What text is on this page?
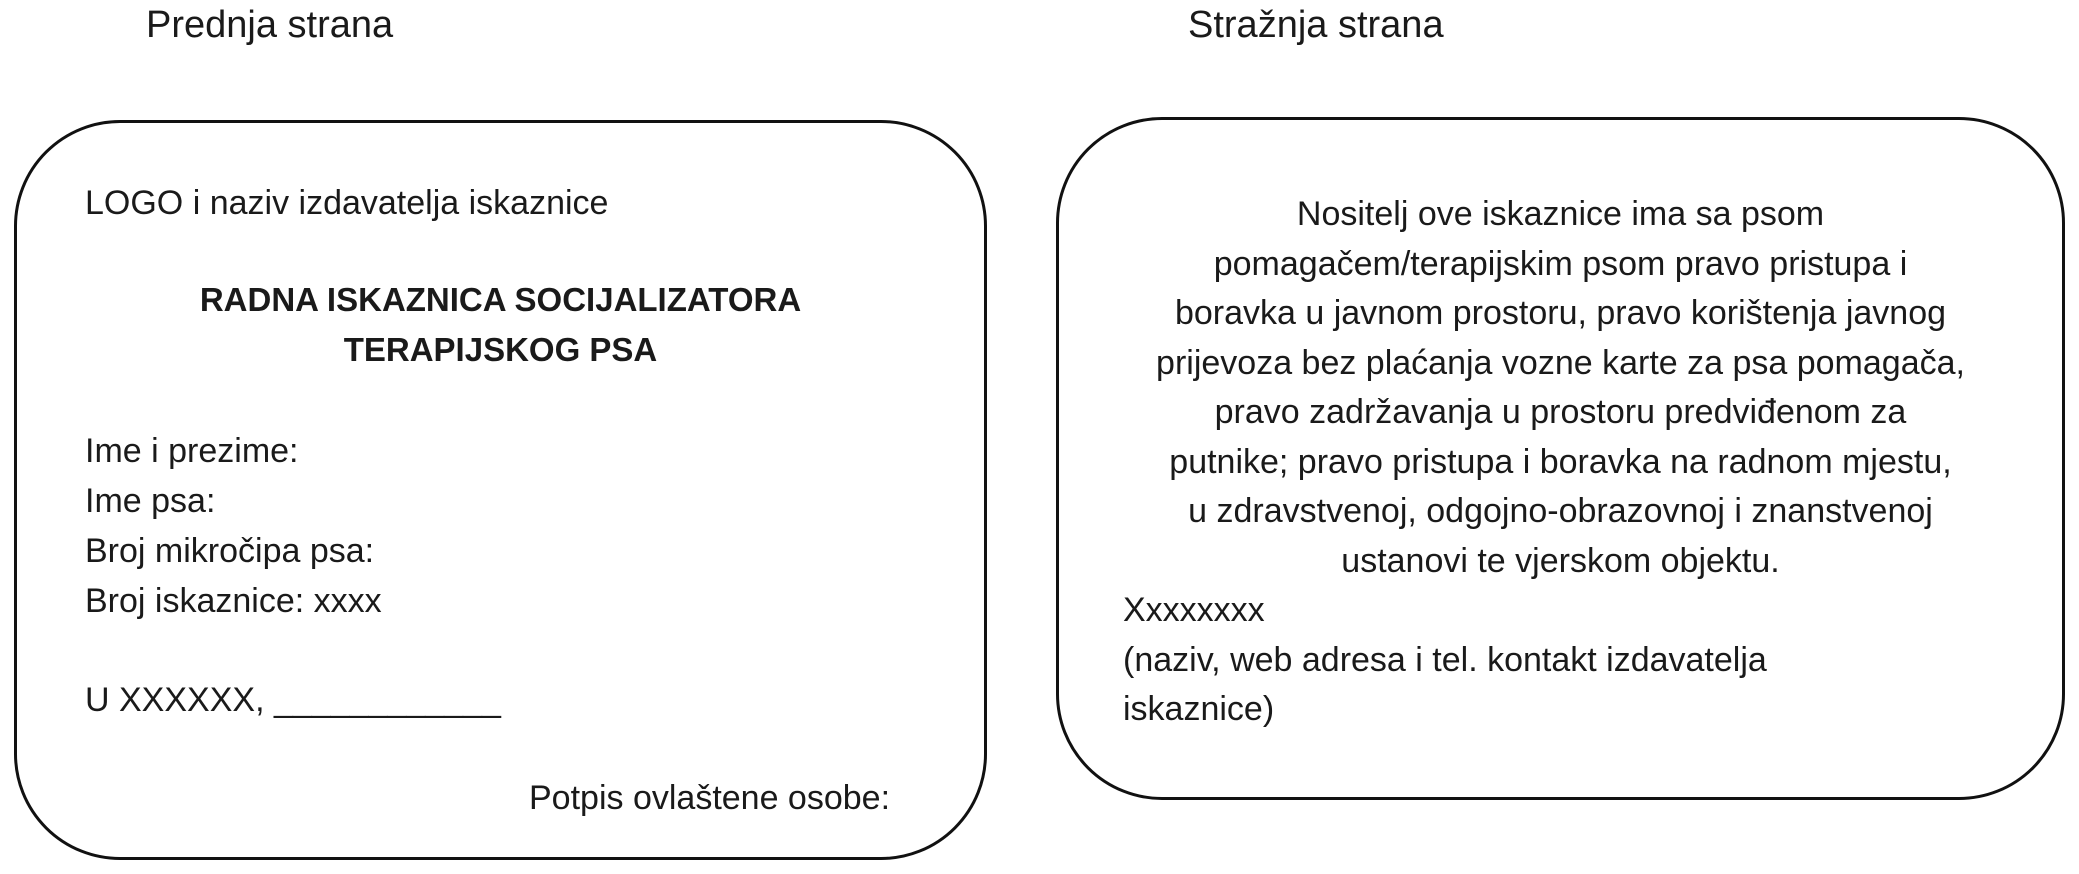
Prednja strana	Stražnja strana
LOGO i naziv izdavatelja iskaznice
RADNA ISKAZNICA SOCIJALIZATORA
TERAPIJSKOG PSA
Ime i prezime:
Ime psa:
Broj mikročipa psa:
Broj iskaznice: xxxx
U XXXXXX, ____________
Potpis ovlaštene osobe:
Nositelj ove iskaznice ima sa psom
pomagačem/terapijskim psom pravo pristupa i
boravka u javnom prostoru, pravo korištenja javnog
prijevoza bez plaćanja vozne karte za psa pomagača,
pravo zadržavanja u prostoru predviđenom za
putnike; pravo pristupa i boravka na radnom mjestu,
u zdravstvenoj, odgojno-obrazovnoj i znanstvenoj
ustanovi te vjerskom objektu.
Xxxxxxxx
(naziv, web adresa i tel. kontakt izdavatelja
iskaznice)
